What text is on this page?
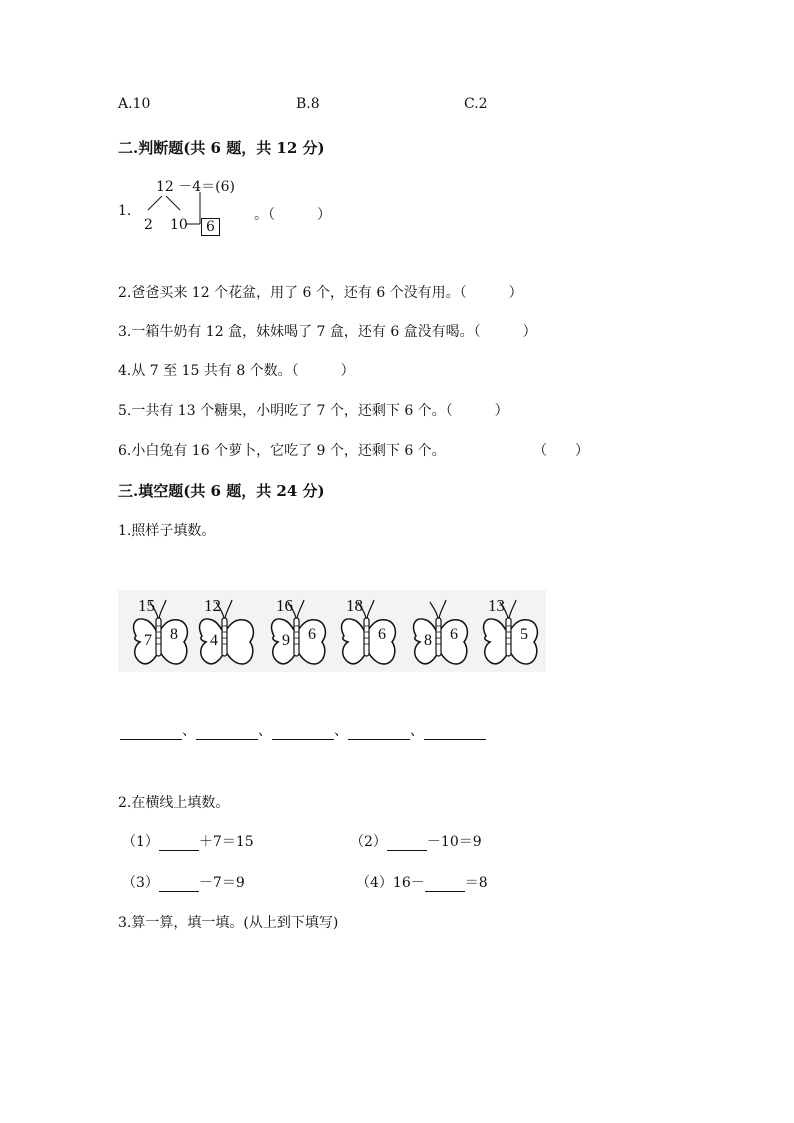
A.10	B.8	C.2
二.判断题(共 6 题，共 12 分)
1.
12 －4＝(6)
2 10	6
。（　　　）
2.爸爸买来 12 个花盆，用了 6 个，还有 6 个没有用。（　　　）
3.一箱牛奶有 12 盒，妹妹喝了 7 盒，还有 6 盒没有喝。（　　　）
4.从 7 至 15 共有 8 个数。（　　　）
5.一共有 13 个糖果，小明吃了 7 个，还剩下 6 个。（　　　）
6.小白兔有 16 个萝卜，它吃了 9 个，还剩下 6 个。	（　　）
三.填空题(共 6 题，共 24 分)
1.照样子填数。
15
7 8
12
4
16
9 6
18
6 8 6
13
5
、	、	、	、
2.在横线上填数。
（1）	＋7＝15	（2）	－10＝9
（3）	－7＝9	（4）16－	＝8
3.算一算，填一填。(从上到下填写)
